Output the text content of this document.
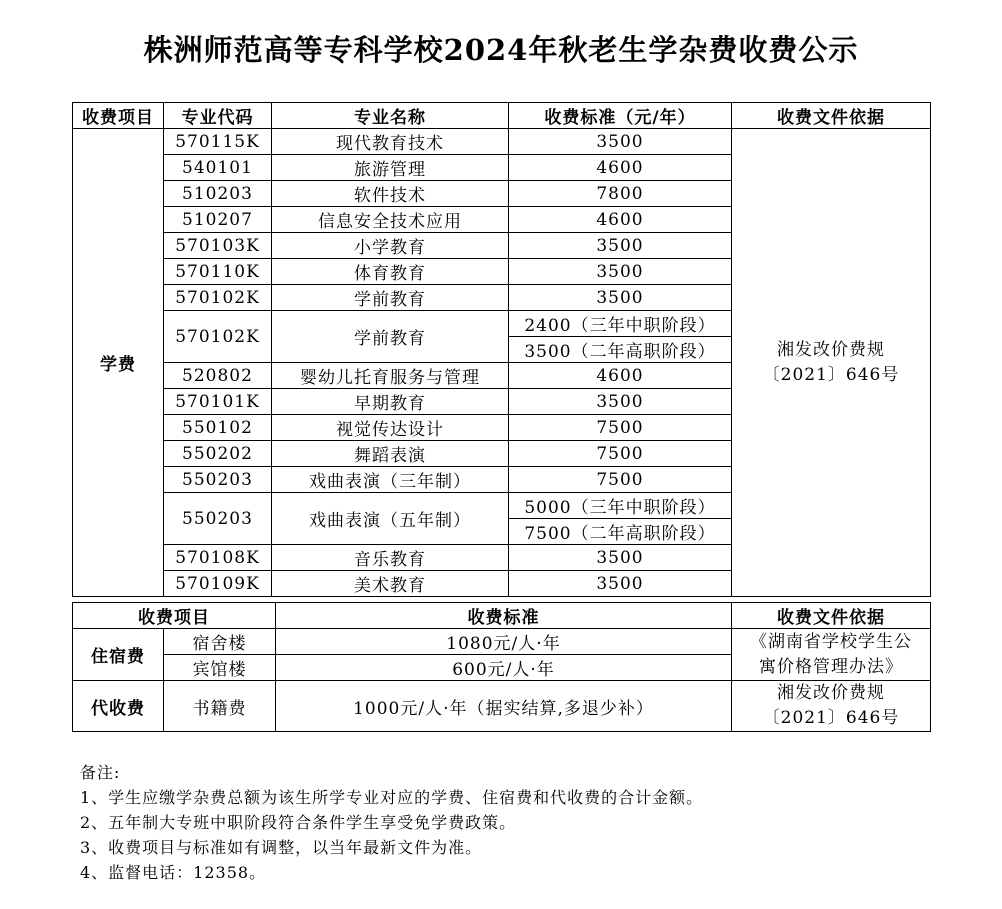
株洲师范高等专科学校2024年秋老生学杂费收费公示
收费项目	专业代码	专业名称	收费标准（元/年）	收费文件依据
学费	570115K	现代教育技术	3500	湘发改价费规
〔2021〕646号

	540101	旅游管理	4600	
	510203	软件技术	7800	
	510207	信息安全技术应用	4600	
	570103K	小学教育	3500	
	570110K	体育教育	3500	
	570102K	学前教育	3500	
	570102K	学前教育	2400（三年中职阶段）	
			3500（二年高职阶段）	
	520802	婴幼儿托育服务与管理	4600	
	570101K	早期教育	3500	
	550102	视觉传达设计	7500	
	550202	舞蹈表演	7500	
	550203	戏曲表演（三年制）	7500	
	550203	戏曲表演（五年制）	5000（三年中职阶段）	
			7500（二年高职阶段）	
	570108K	音乐教育	3500	
	570109K	美术教育	3500	
收费项目		收费标准	收费文件依据
住宿费	宿舍楼	1080元/人·年	《湖南省学校学生公
寓价格管理办法》

	宾馆楼	600元/人·年	
代收费	书籍费	1000元/人·年（据实结算,多退少补）	湘发改价费规
〔2021〕646号
备注:
1、学生应缴学杂费总额为该生所学专业对应的学费、住宿费和代收费的合计金额。
2、五年制大专班中职阶段符合条件学生享受免学费政策。
3、收费项目与标准如有调整，以当年最新文件为准。
4、监督电话：12358。
